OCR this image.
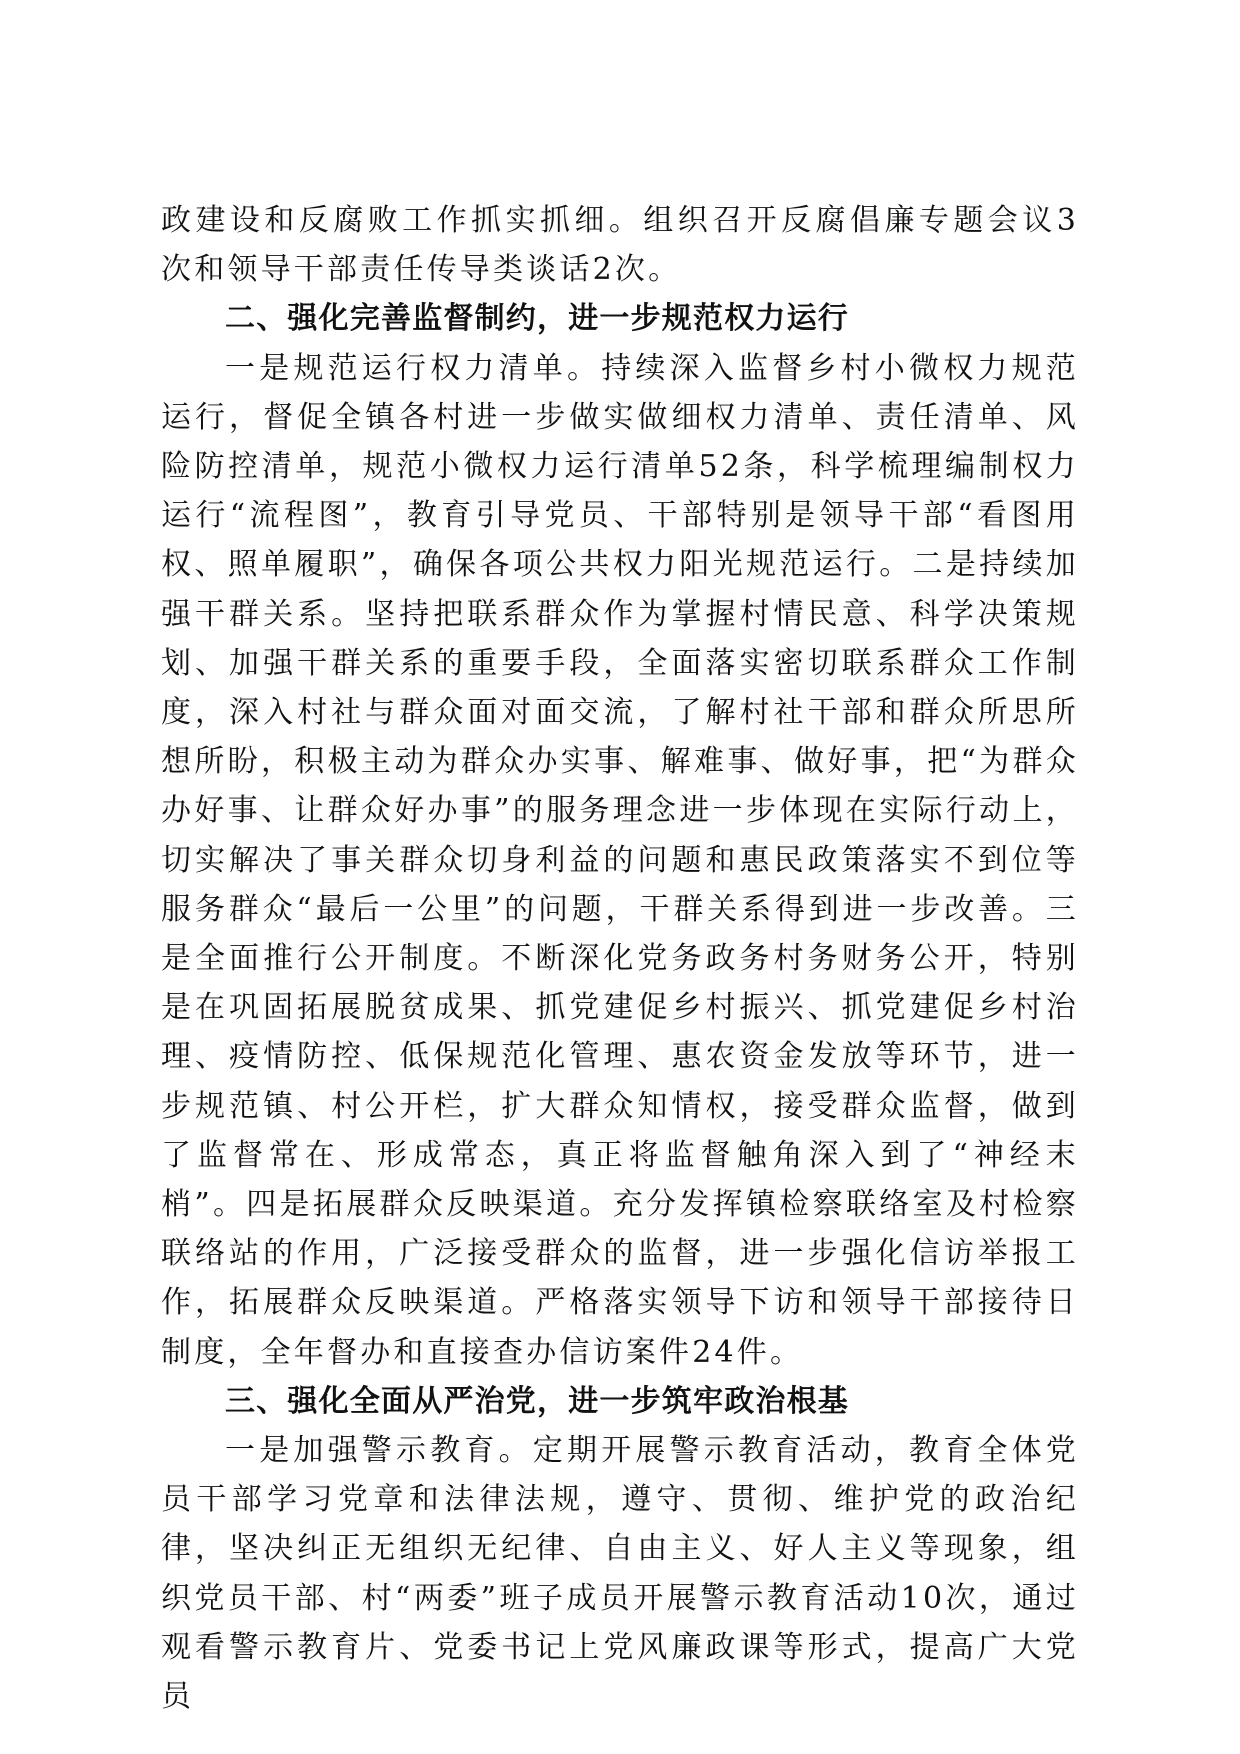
政建设和反腐败工作抓实抓细。组织召开反腐倡廉专题会议3次和领导干部责任传导类谈话2次。

二、强化完善监督制约，进一步规范权力运行

一是规范运行权力清单。持续深入监督乡村小微权力规范运行，督促全镇各村进一步做实做细权力清单、责任清单、风险防控清单，规范小微权力运行清单52条，科学梳理编制权力运行“流程图”，教育引导党员、干部特别是领导干部“看图用权、照单履职”，确保各项公共权力阳光规范运行。二是持续加强干群关系。坚持把联系群众作为掌握村情民意、科学决策规划、加强干群关系的重要手段，全面落实密切联系群众工作制度，深入村社与群众面对面交流，了解村社干部和群众所思所想所盼，积极主动为群众办实事、解难事、做好事，把“为群众办好事、让群众好办事”的服务理念进一步体现在实际行动上，切实解决了事关群众切身利益的问题和惠民政策落实不到位等服务群众“最后一公里”的问题，干群关系得到进一步改善。三是全面推行公开制度。不断深化党务政务村务财务公开，特别是在巩固拓展脱贫成果、抓党建促乡村振兴、抓党建促乡村治理、疫情防控、低保规范化管理、惠农资金发放等环节，进一步规范镇、村公开栏，扩大群众知情权，接受群众监督，做到了监督常在、形成常态，真正将监督触角深入到了“神经末梢”。四是拓展群众反映渠道。充分发挥镇检察联络室及村检察联络站的作用，广泛接受群众的监督，进一步强化信访举报工作，拓展群众反映渠道。严格落实领导下访和领导干部接待日制度，全年督办和直接查办信访案件24件。

三、强化全面从严治党，进一步筑牢政治根基

一是加强警示教育。定期开展警示教育活动，教育全体党员干部学习党章和法律法规，遵守、贯彻、维护党的政治纪律，坚决纠正无组织无纪律、自由主义、好人主义等现象，组织党员干部、村“两委”班子成员开展警示教育活动10次，通过观看警示教育片、党委书记上党风廉政课等形式，提高广大党员
